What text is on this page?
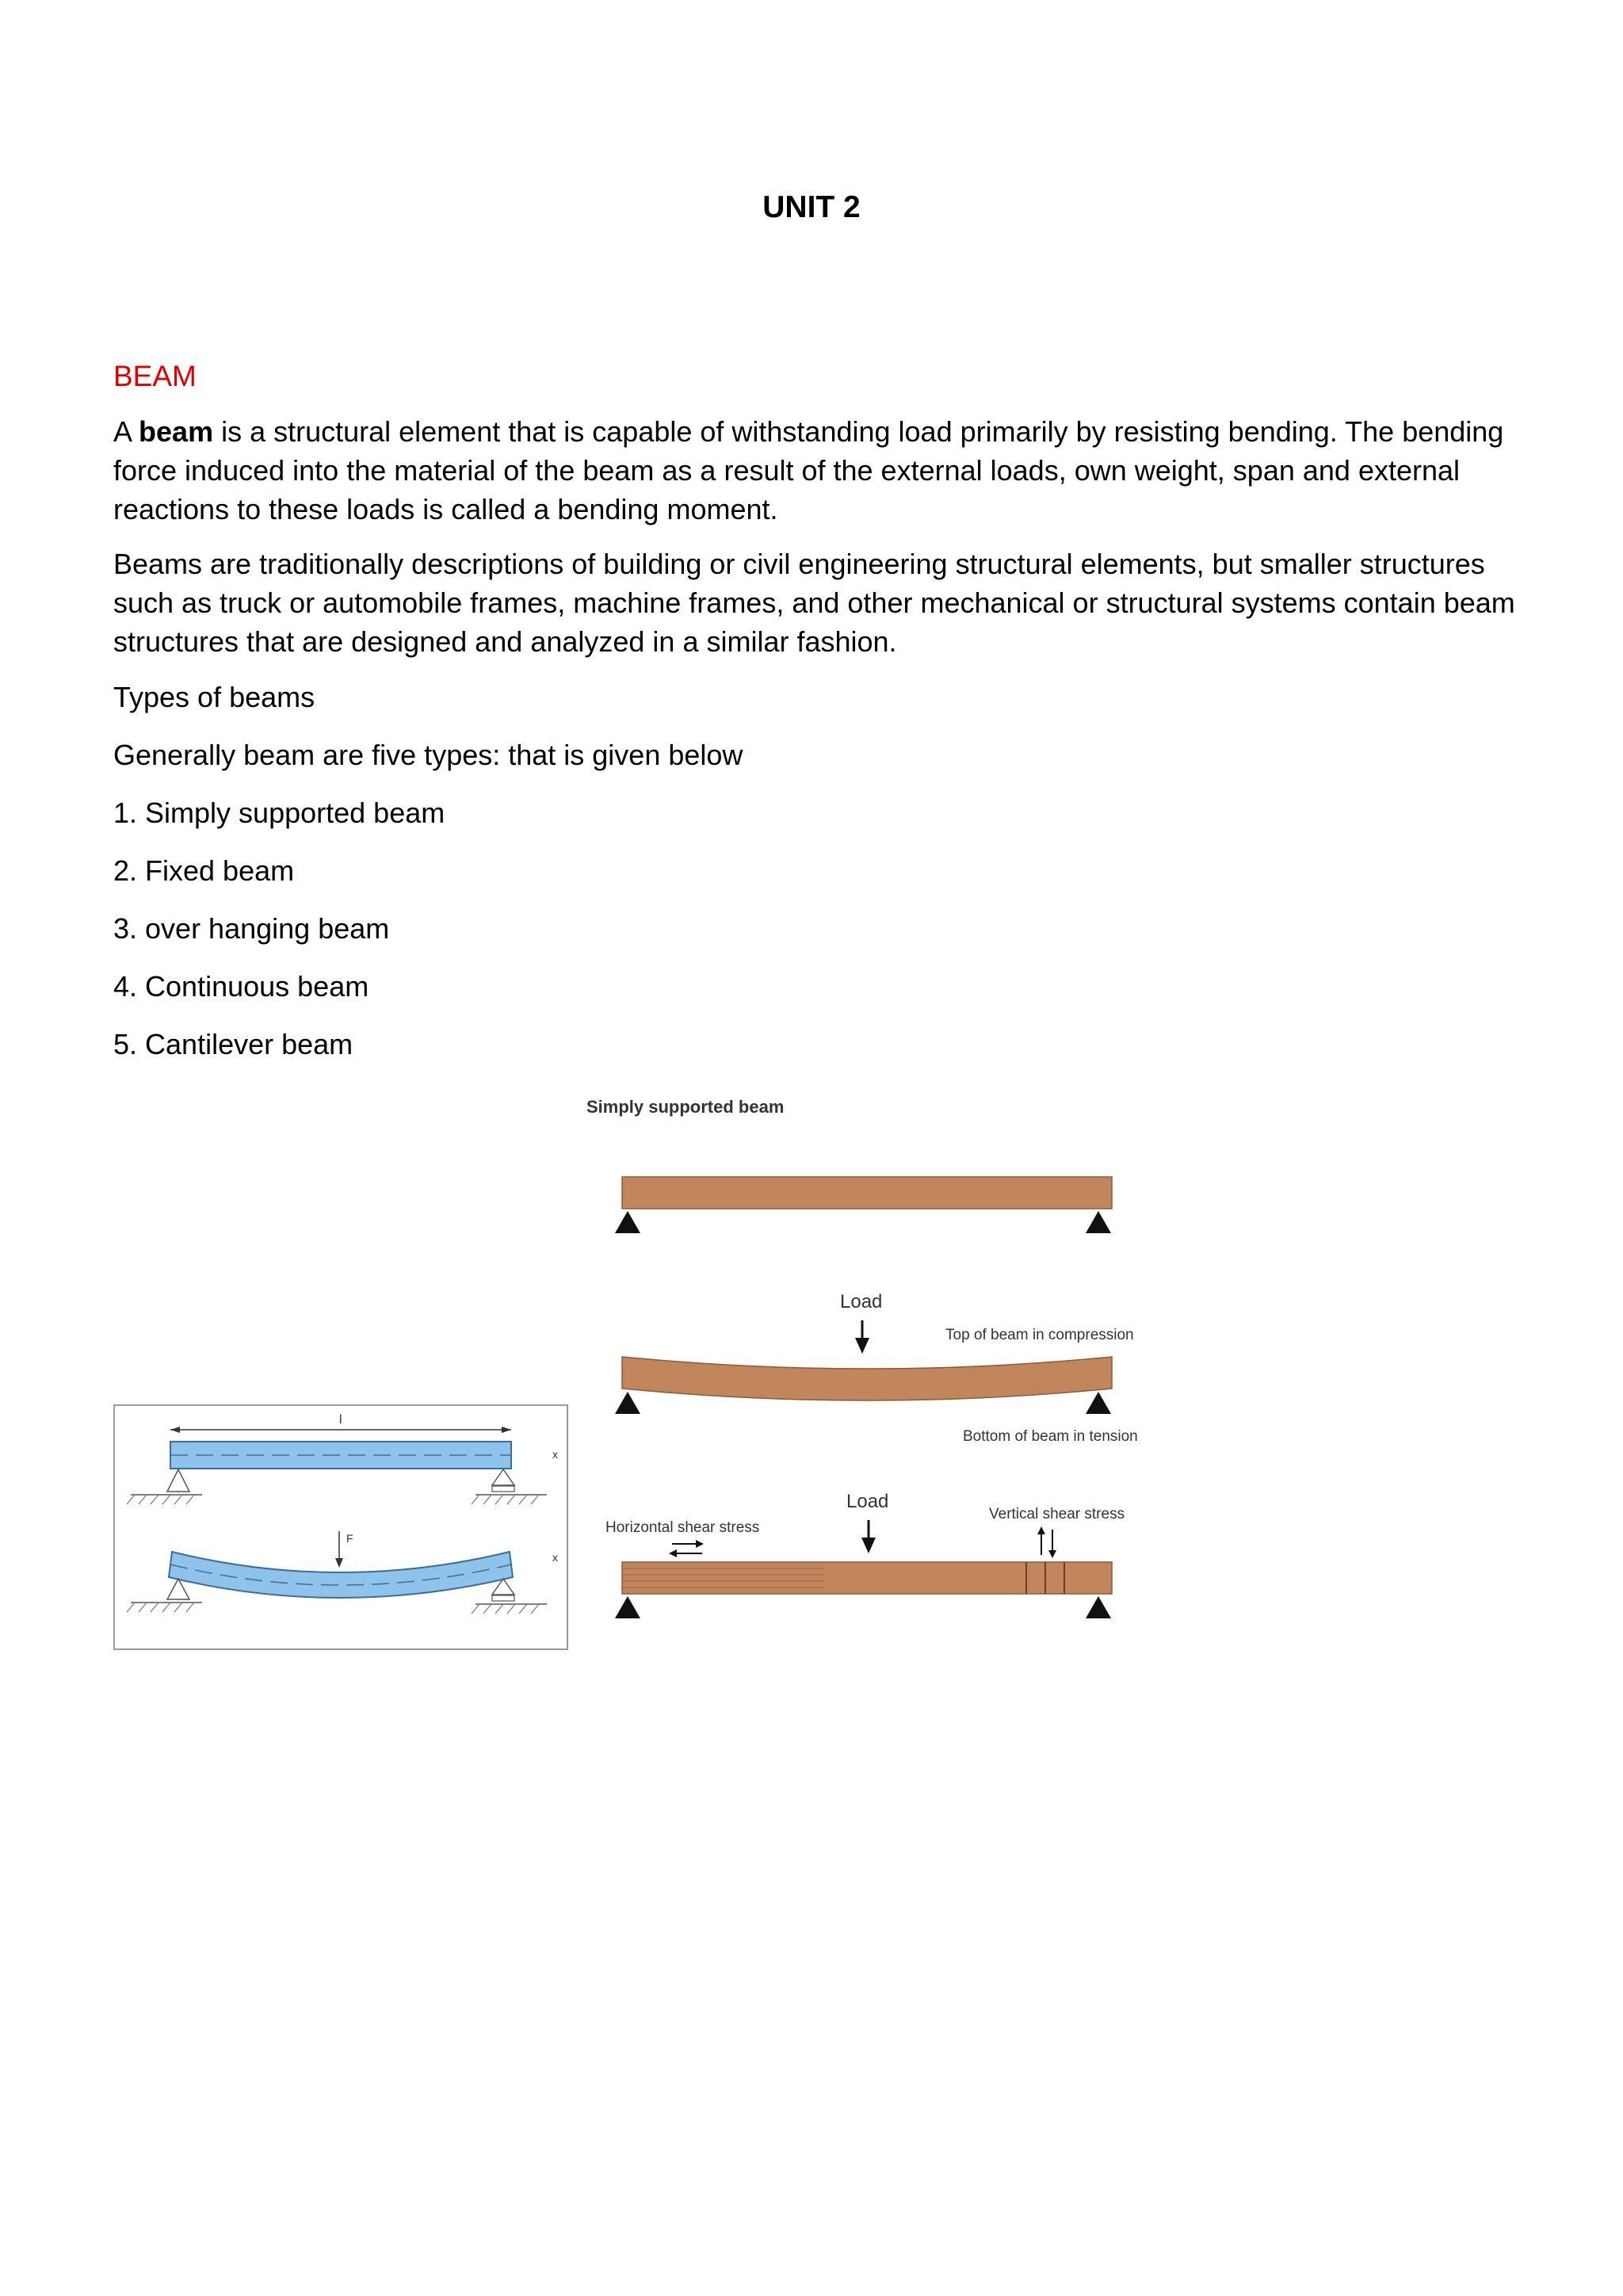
UNIT 2
BEAM

A beam is a structural element that is capable of withstanding load primarily by resisting bending. The bending force induced into the material of the beam as a result of the external loads, own weight, span and external reactions to these loads is called a bending moment.

Beams are traditionally descriptions of building or civil engineering structural elements, but smaller structures such as truck or automobile frames, machine frames, and other mechanical or structural systems contain beam structures that are designed and analyzed in a similar fashion.

Types of beams

Generally beam are five types: that is given below

1. Simply supported beam
2. Fixed beam
3. over hanging beam
4. Continuous beam
5. Cantilever beam
l
x
F
x
Simply supported beam
Load
Top of beam in compression
Bottom of beam in tension
Load
Horizontal shear stress
Vertical shear stress
